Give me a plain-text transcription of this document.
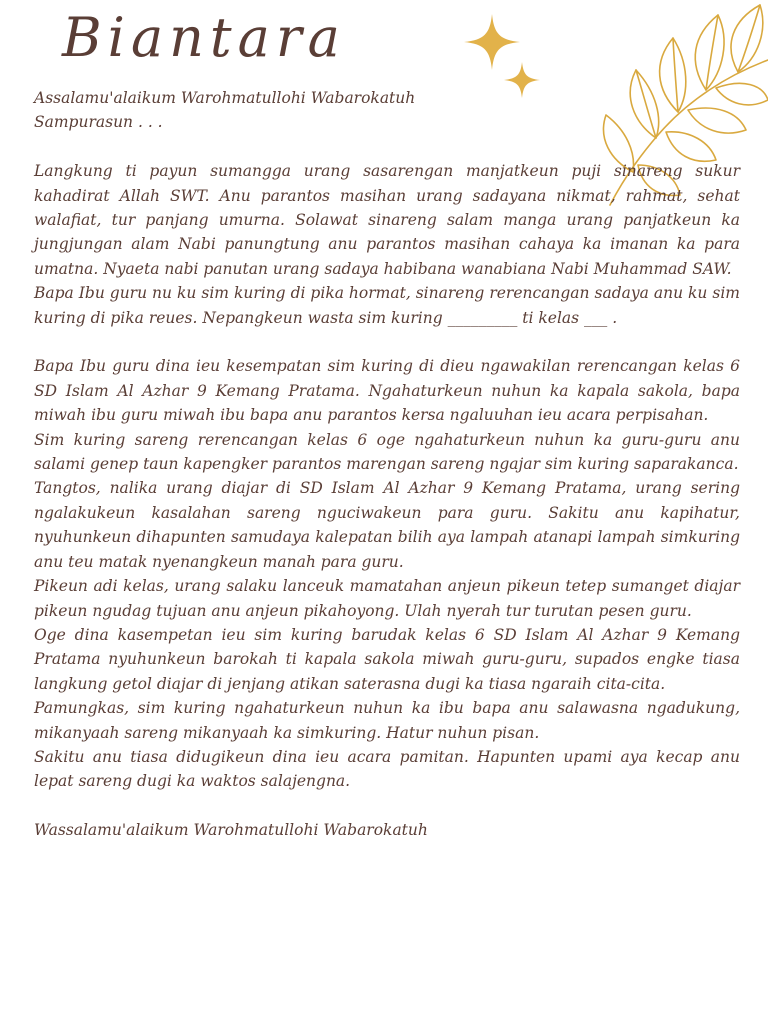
Biantara

Assalamu'alaikum Warohmatullohi Wabarokatuh

Sampurasun . . .

Langkung ti payun sumangga urang sasarengan manjatkeun puji sinareng sukur kahadirat Allah SWT. Anu parantos masihan urang sadayana nikmat, rahmat, sehat walafiat, tur panjang umurna. Solawat sinareng salam manga urang panjatkeun ka jungjungan alam Nabi panungtung anu parantos masihan cahaya ka imanan ka para umatna. Nyaeta nabi panutan urang sadaya habibana wanabiana Nabi Muhammad SAW.

Bapa Ibu guru nu ku sim kuring di pika hormat, sinareng rerencangan sadaya anu ku sim kuring di pika reues. Nepangkeun wasta sim kuring _________ ti kelas ___ .

Bapa Ibu guru dina ieu kesempatan sim kuring di dieu ngawakilan rerencangan kelas 6 SD Islam Al Azhar 9 Kemang Pratama. Ngahaturkeun nuhun ka kapala sakola, bapa miwah ibu guru miwah ibu bapa anu parantos kersa ngaluuhan ieu acara perpisahan.

Sim kuring sareng rerencangan kelas 6 oge ngahaturkeun nuhun ka guru-guru anu salami genep taun kapengker parantos marengan sareng ngajar sim kuring saparakanca.

Tangtos, nalika urang diajar di SD Islam Al Azhar 9 Kemang Pratama, urang sering ngalakukeun kasalahan sareng nguciwakeun para guru. Sakitu anu kapihatur, nyuhunkeun dihapunten samudaya kalepatan bilih aya lampah atanapi lampah simkuring anu teu matak nyenangkeun manah para guru.

Pikeun adi kelas, urang salaku lanceuk mamatahan anjeun pikeun tetep sumanget diajar pikeun ngudag tujuan anu anjeun pikahoyong. Ulah nyerah tur turutan pesen guru.

Oge dina kasempetan ieu sim kuring barudak kelas 6 SD Islam Al Azhar 9 Kemang Pratama nyuhunkeun barokah ti kapala sakola miwah guru-guru, supados engke tiasa langkung getol diajar di jenjang atikan saterasna dugi ka tiasa ngaraih cita-cita.

Pamungkas, sim kuring ngahaturkeun nuhun ka ibu bapa anu salawasna ngadukung, mikanyaah sareng mikanyaah ka simkuring. Hatur nuhun pisan.

Sakitu anu tiasa didugikeun dina ieu acara pamitan. Hapunten upami aya kecap anu lepat sareng dugi ka waktos salajengna.

Wassalamu'alaikum Warohmatullohi Wabarokatuh
